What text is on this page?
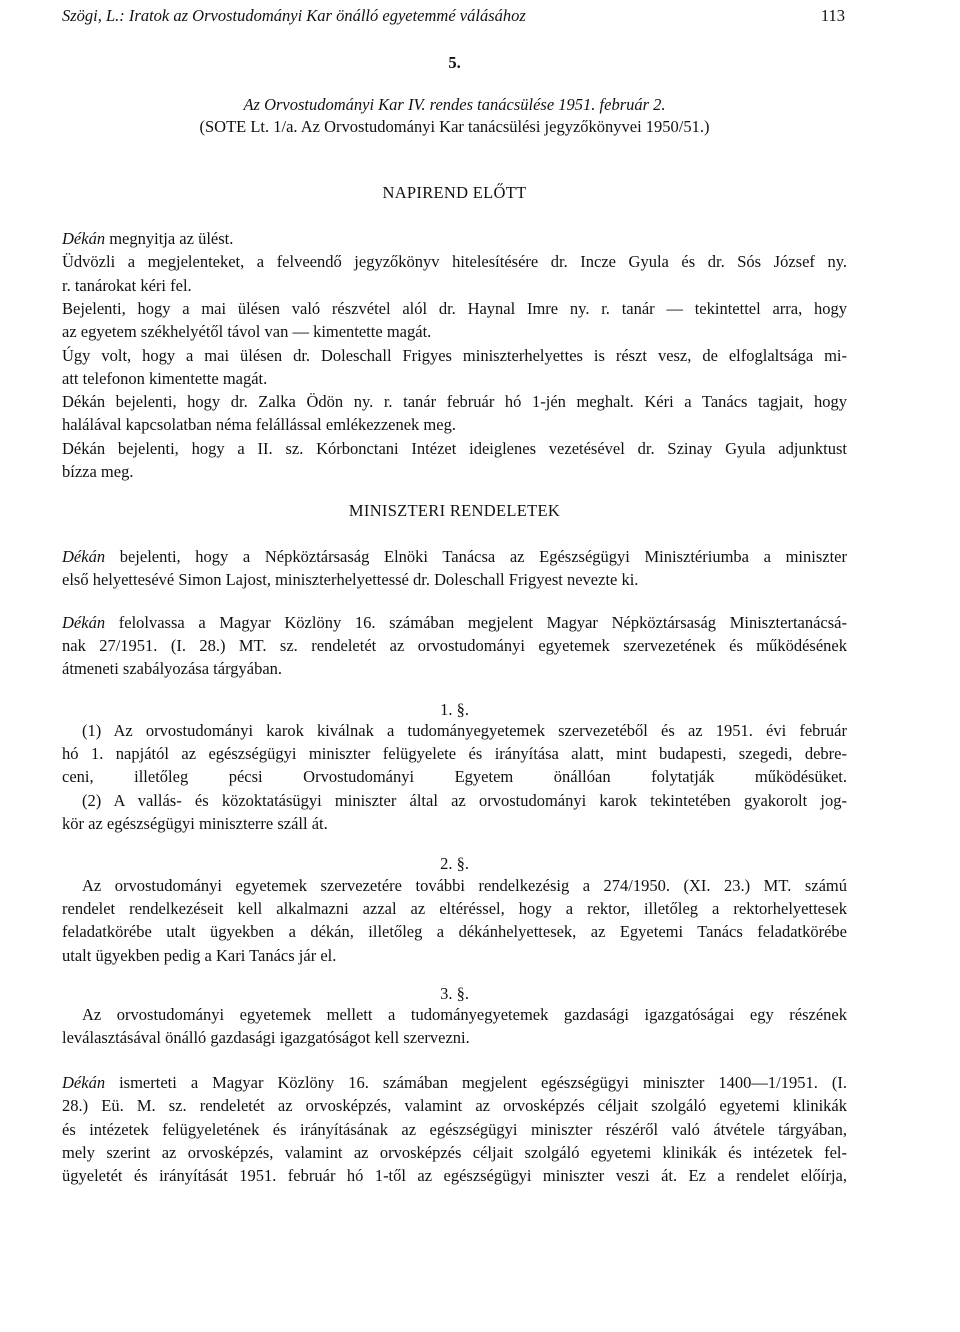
Szögi, L.: Iratok az Orvostudományi Kar önálló egyetemmé válásához	113
5.
Az Orvostudományi Kar IV. rendes tanácsülése 1951. február 2.
(SOTE Lt. 1/a. Az Orvostudományi Kar tanácsülési jegyzőkönyvei 1950/51.)
NAPIREND ELŐTT
Dékán megnyitja az ülést.
Üdvözli a megjelenteket, a felveendő jegyzőkönyv hitelesítésére dr. Incze Gyula és dr. Sós József ny.
r. tanárokat kéri fel.
Bejelenti, hogy a mai ülésen való részvétel alól dr. Haynal Imre ny. r. tanár — tekintettel arra, hogy
az egyetem székhelyétől távol van — kimentette magát.
Úgy volt, hogy a mai ülésen dr. Doleschall Frigyes miniszterhelyettes is részt vesz, de elfoglaltsága mi-
att telefonon kimentette magát.
Dékán bejelenti, hogy dr. Zalka Ödön ny. r. tanár február hó 1-jén meghalt. Kéri a Tanács tagjait, hogy
halálával kapcsolatban néma felállással emlékezzenek meg.
Dékán bejelenti, hogy a II. sz. Kórbonctani Intézet ideiglenes vezetésével dr. Szinay Gyula adjunktust
bízza meg.
MINISZTERI RENDELETEK
Dékán bejelenti, hogy a Népköztársaság Elnöki Tanácsa az Egészségügyi Minisztériumba a miniszter
első helyettesévé Simon Lajost, miniszterhelyettessé dr. Doleschall Frigyest nevezte ki.
Dékán felolvassa a Magyar Közlöny 16. számában megjelent Magyar Népköztársaság Minisztertanácsá-
nak 27/1951. (I. 28.) MT. sz. rendeletét az orvostudományi egyetemek szervezetének és működésének
átmeneti szabályozása tárgyában.
1. §.
(1) Az orvostudományi karok kiválnak a tudományegyetemek szervezetéből és az 1951. évi február
hó 1. napjától az egészségügyi miniszter felügyelete és irányítása alatt, mint budapesti, szegedi, debre-
ceni, illetőleg pécsi Orvostudományi Egyetem önállóan folytatják működésüket.
(2) A vallás- és közoktatásügyi miniszter által az orvostudományi karok tekintetében gyakorolt jog-
kör az egészségügyi miniszterre száll át.
2. §.
Az orvostudományi egyetemek szervezetére további rendelkezésig a 274/1950. (XI. 23.) MT. számú
rendelet rendelkezéseit kell alkalmazni azzal az eltéréssel, hogy a rektor, illetőleg a rektorhelyettesek
feladatkörébe utalt ügyekben a dékán, illetőleg a dékánhelyettesek, az Egyetemi Tanács feladatkörébe
utalt ügyekben pedig a Kari Tanács jár el.
3. §.
Az orvostudományi egyetemek mellett a tudományegyetemek gazdasági igazgatóságai egy részének
leválasztásával önálló gazdasági igazgatóságot kell szervezni.
Dékán ismerteti a Magyar Közlöny 16. számában megjelent egészségügyi miniszter 1400—1/1951. (I.
28.) Eü. M. sz. rendeletét az orvosképzés, valamint az orvosképzés céljait szolgáló egyetemi klinikák
és intézetek felügyeletének és irányításának az egészségügyi miniszter részéről való átvétele tárgyában,
mely szerint az orvosképzés, valamint az orvosképzés céljait szolgáló egyetemi klinikák és intézetek fel-
ügyeletét és irányítását 1951. február hó 1-től az egészségügyi miniszter veszi át. Ez a rendelet előírja,
